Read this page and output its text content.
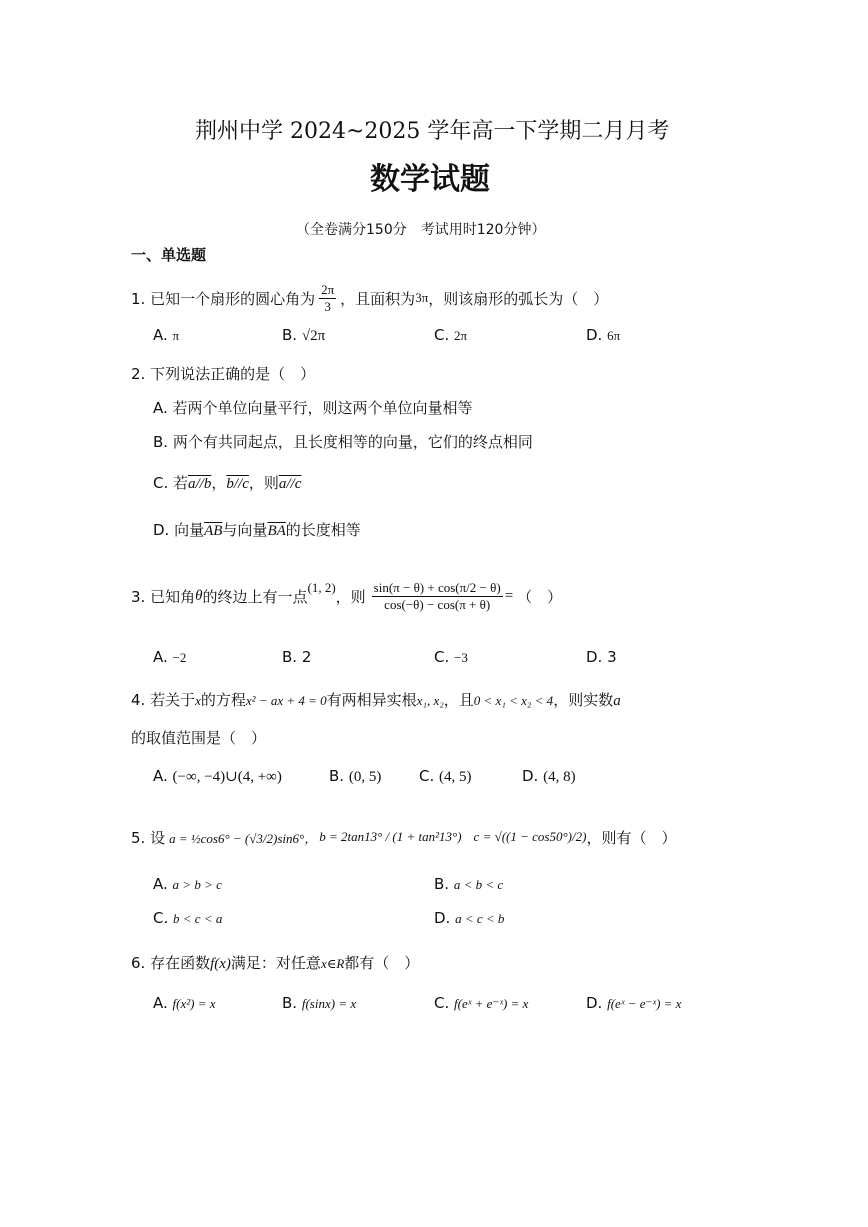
荆州中学 2024~2025 学年高一下学期二月月考
数学试题
（全卷满分150分　考试用时120分钟）
一、单选题
1. 已知一个扇形的圆心角为 $\frac{2\pi}{3}$ ，且面积为 3π ，则该扇形的弧长为（　）
A. π	B. √2π	C. 2π	D. 6π
2. 下列说法正确的是（　）
A. 若两个单位向量平行，则这两个单位向量相等
B. 两个有共同起点，且长度相等的向量，它们的终点相同
C. 若a//b，b//c，则a//c
D. 向量$\overline{AB}$与向量$\overline{BA}$的长度相等
3. 已知角 θ 的终边上有一点 (1, 2) ，则 $\frac{\sin(\pi - \theta) + \cos(\pi/2 - \theta)}{\cos(-\theta) - \cos(\pi + \theta)}$ = （　）
A. −2	B. 2	C. −3	D. 3
4. 若关于x的方程x² − ax + 4 = 0有两相异实根x₁, x₂，且0 < x₁ < x₂ < 4，则实数a
的取值范围是（　）
A. (−∞, −4)∪(4, +∞)	B. (0, 5)	C. (4, 5)	D. (4, 8)
5. 设 a = ½cos6° − (√3/2)sin6°， b = 2tan13° / (1 + tan²13°) c = √((1 − cos50°)/2) ，则有（　）
A. a > b > c	B. a < b < c
C. b < c < a	D. a < c < b
6. 存在函数f(x)满足：对任意x∈R都有（　）
A. f(x²) = x	B. f(sinx) = x	C. f(eˣ + e⁻ˣ) = x	D. f(eˣ − e⁻ˣ) = x
